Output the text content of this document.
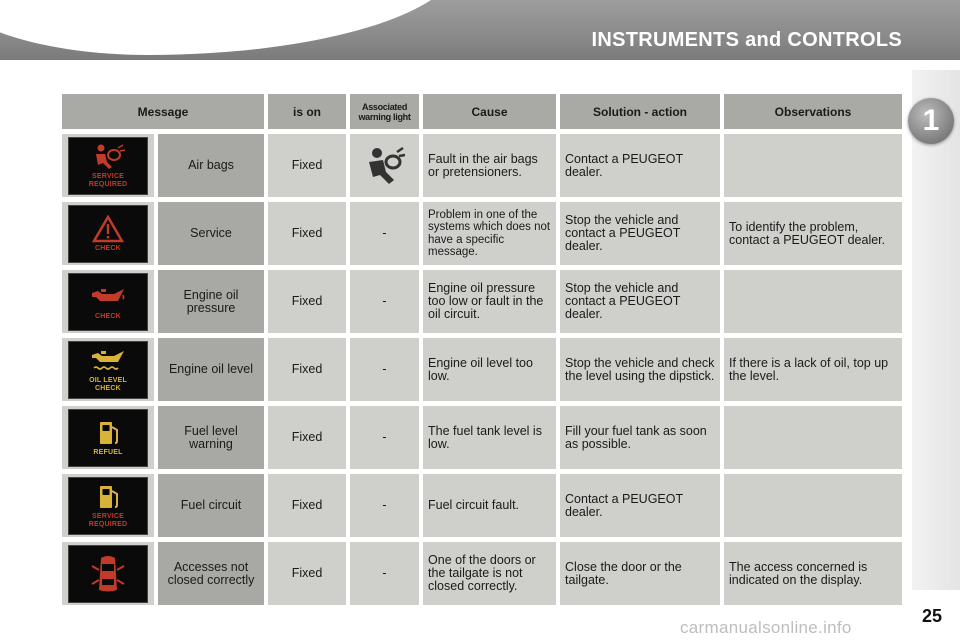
INSTRUMENTS and CONTROLS
1
Message		is on	Associated warning light	Cause	Solution - action	Observations

SERVICE
REQUIRED	Air bags	Fixed		Fault in the air bags or pretensioners.	Contact a PEUGEOT dealer.	

CHECK	Service	Fixed	-	Problem in one of the systems which does not have a specific message.	Stop the vehicle and contact a PEUGEOT dealer.	To identify the problem, contact a PEUGEOT dealer.

CHECK	Engine oil pressure	Fixed	-	Engine oil pressure too low or fault in the oil circuit.	Stop the vehicle and contact a PEUGEOT dealer.	

OIL LEVEL
CHECK	Engine oil level	Fixed	-	Engine oil level too low.	Stop the vehicle and check the level using the dipstick.	If there is a lack of oil, top up the level.

REFUEL	Fuel level warning	Fixed	-	The fuel tank level is low.	Fill your fuel tank as soon as possible.	

SERVICE
REQUIRED	Fuel circuit	Fixed	-	Fuel circuit fault.	Contact a PEUGEOT dealer.	

	Accesses not closed correctly	Fixed	-	One of the doors or the tailgate is not closed correctly.	Close the door or the tailgate.	The access concerned is indicated on the display.
25
carmanualsonline.info
